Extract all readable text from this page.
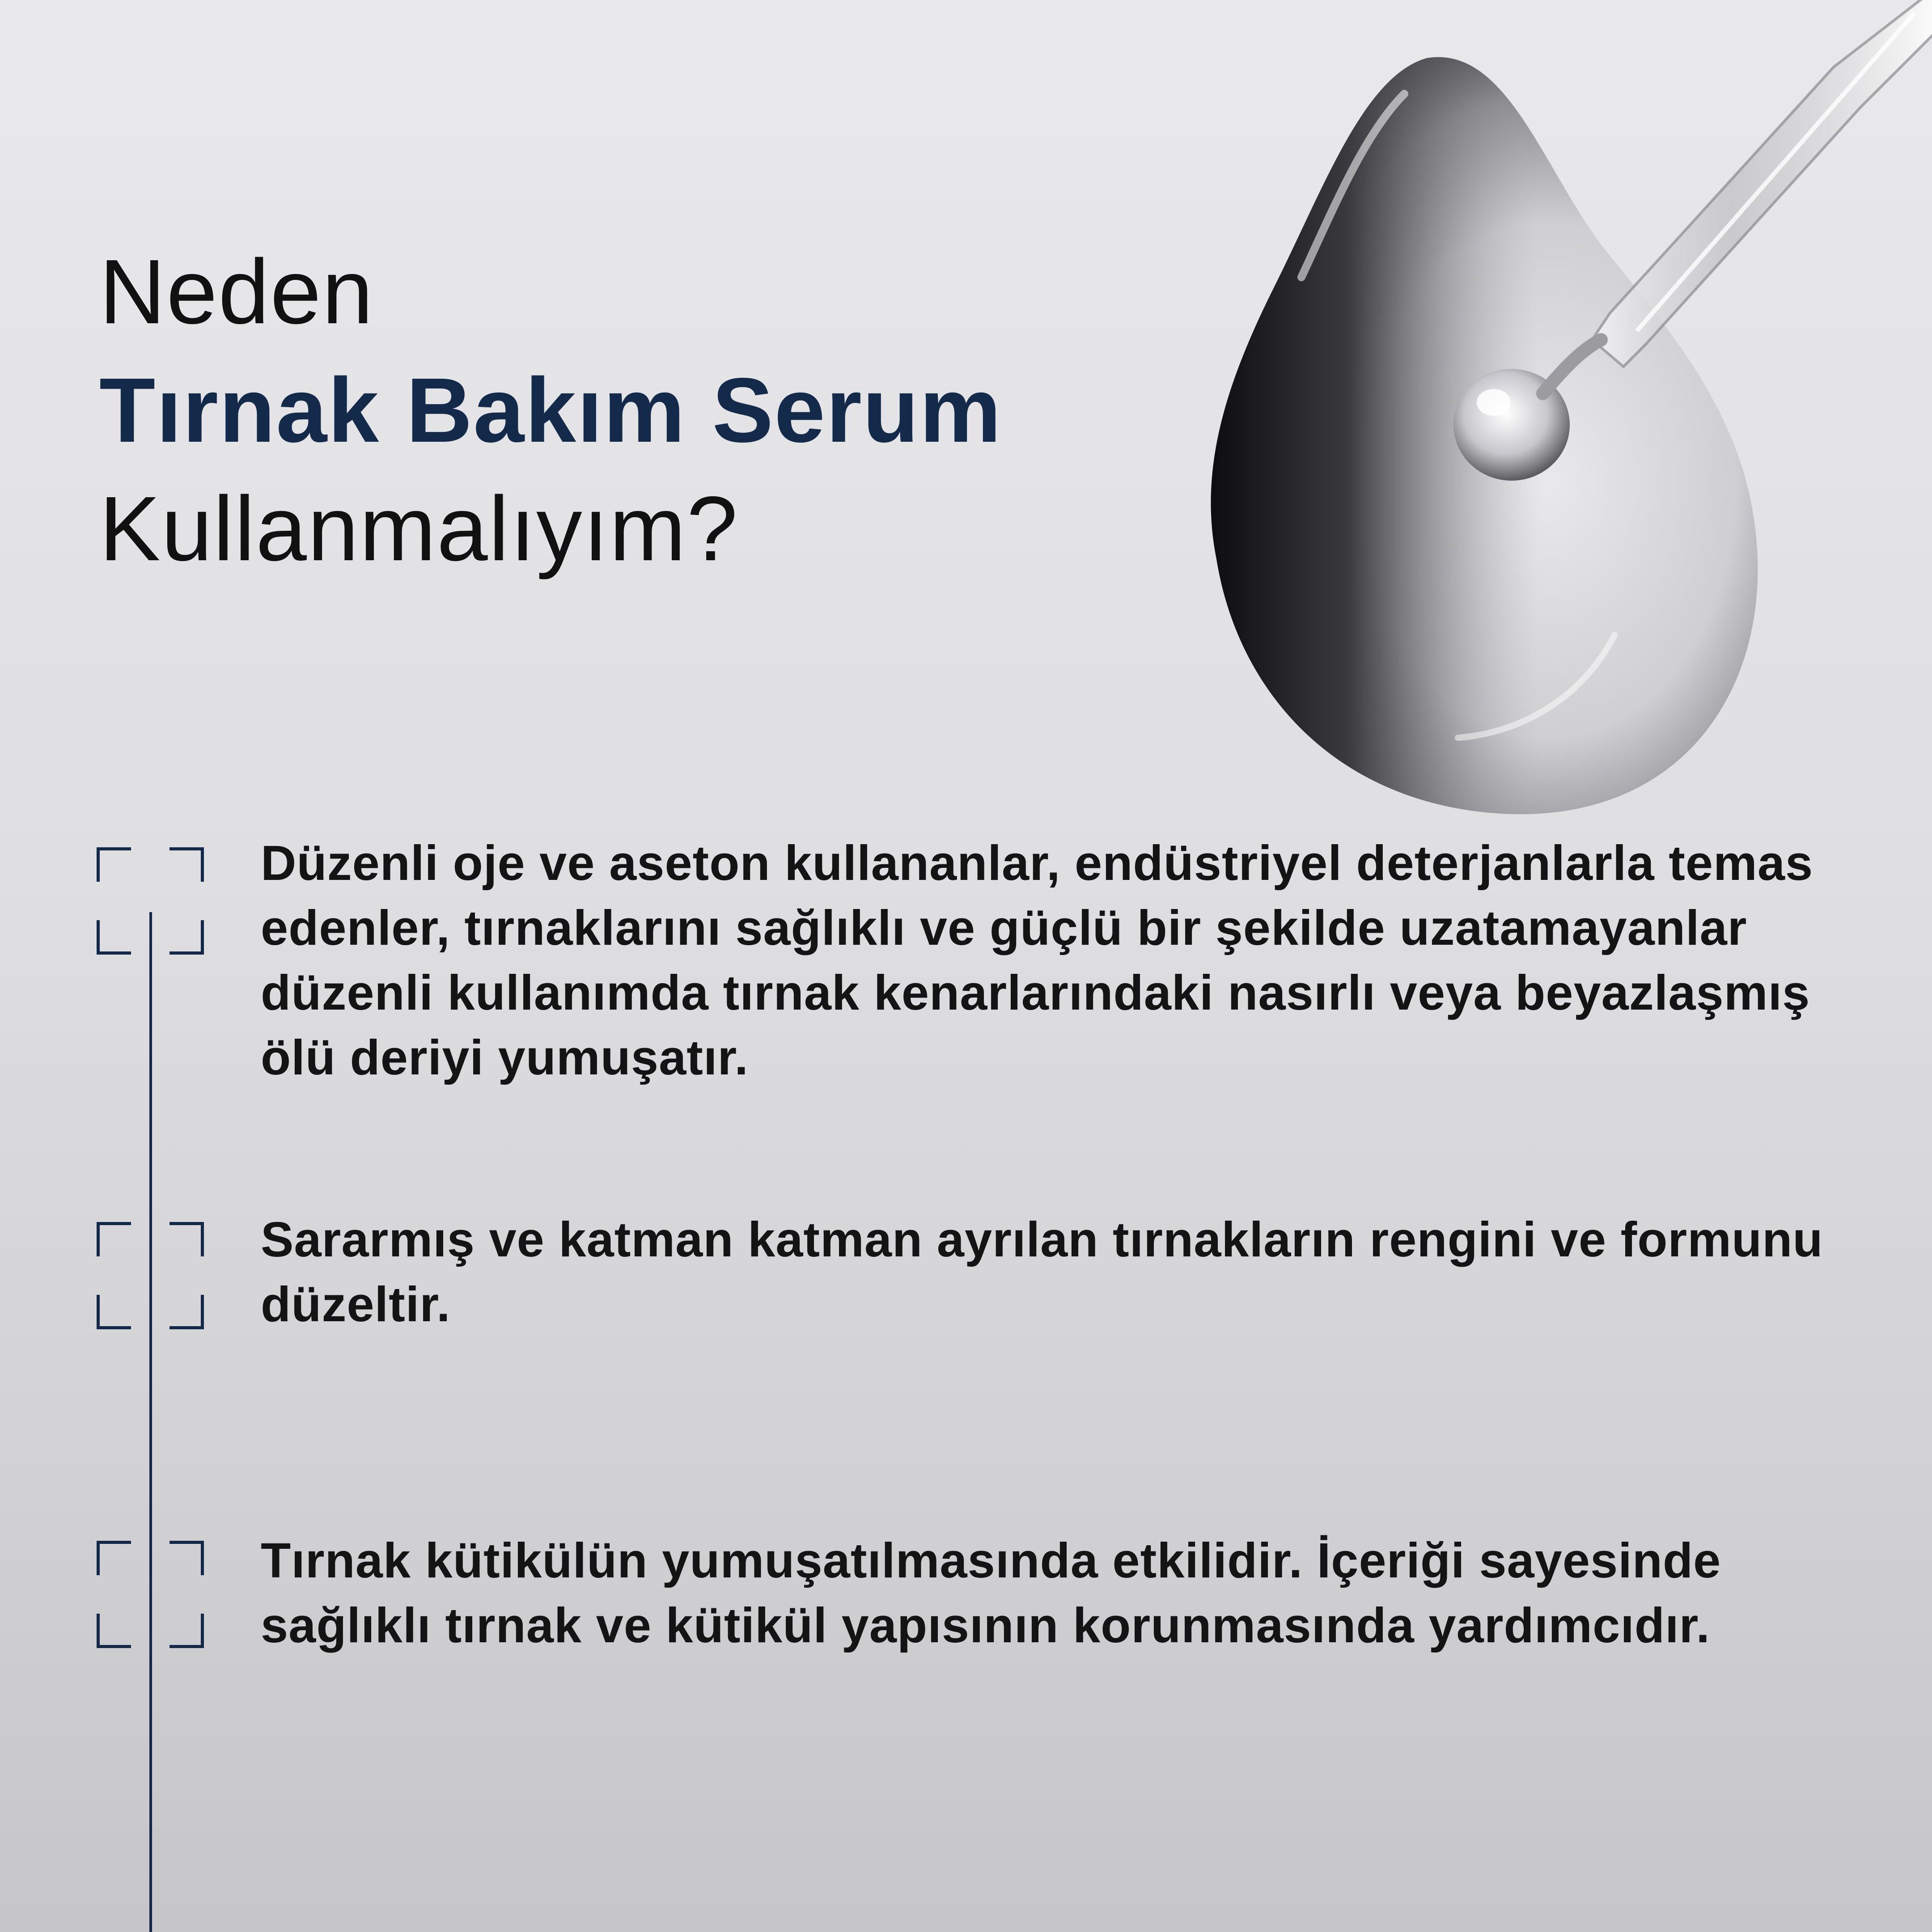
Neden
Tırnak Bakım Serum
Kullanmalıyım?

Düzenli oje ve aseton kullananlar, endüstriyel deterjanlarla temas edenler, tırnaklarını sağlıklı ve güçlü bir şekilde uzatamayanlar düzenli kullanımda tırnak kenarlarındaki nasırlı veya beyazlaşmış ölü deriyi yumuşatır.

Sararmış ve katman katman ayrılan tırnakların rengini ve formunu düzeltir.

Tırnak kütikülün yumuşatılmasında etkilidir. İçeriği sayesinde sağlıklı tırnak ve kütikül yapısının korunmasında yardımcıdır.
